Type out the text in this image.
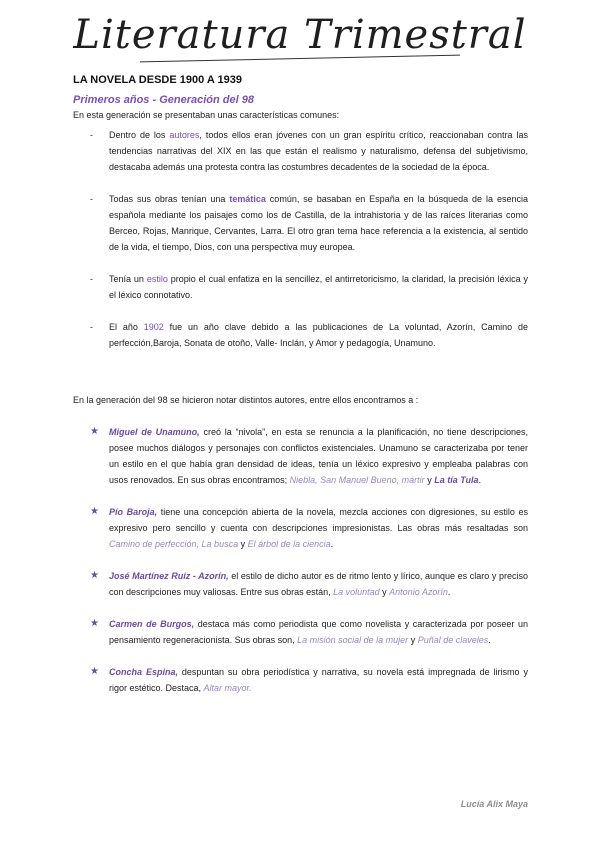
Literatura Trimestral
LA NOVELA DESDE 1900 A 1939
Primeros años - Generación del 98
En esta generación se presentaban unas características comunes:
- Dentro de los autores, todos ellos eran jóvenes con un gran espíritu crítico, reaccionaban contra las tendencias narrativas del XIX en las que están el realismo y naturalismo, defensa del subjetivismo, destacaba además una protesta contra las costumbres decadentes de la sociedad de la época.
- Todas sus obras tenían una temática común, se basaban en España en la búsqueda de la esencia española mediante los paisajes como los de Castilla, de la intrahistoria y de las raíces literarias como Berceo, Rojas, Manrique, Cervantes, Larra. El otro gran tema hace referencia a la existencia, al sentido de la vida, el tiempo, Dios, con una perspectiva muy europea.
- Tenía un estilo propio el cual enfatiza en la sencillez, el antirretoricismo, la claridad, la precisión léxica y el léxico connotativo.
- El año 1902 fue un año clave debido a las publicaciones de La voluntad, Azorín, Camino de perfección,Baroja, Sonata de otoño, Valle- Inclán, y Amor y pedagogía, Unamuno.
En la generación del 98 se hicieron notar distintos autores, entre ellos encontramos a :
★ Miguel de Unamuno, creó la “nivola”, en esta se renuncia a la planificación, no tiene descripciones, posee muchos diálogos y personajes con conflictos existenciales. Unamuno se caracterizaba por tener un estilo en el que había gran densidad de ideas, tenía un léxico expresivo y empleaba palabras con usos renovados. En sus obras encontramos; Niebla, San Manuel Bueno, mártir y La tía Tula.
★ Pío Baroja, tiene una concepción abierta de la novela, mezcla acciones con digresiones, su estilo es expresivo pero sencillo y cuenta con descripciones impresionistas. Las obras más resaltadas son Camino de perfección, La busca y El árbol de la ciencia.
★ José Martínez Ruiz - Azorín, el estilo de dicho autor es de ritmo lento y lírico, aunque es claro y preciso con descripciones muy valiosas. Entre sus obras están, La voluntad y Antonio Azorín.
★ Carmen de Burgos, destaca más como periodista que como novelista y caracterizada por poseer un pensamiento regeneracionista. Sus obras son, La misión social de la mujer y Puñal de claveles.
★ Concha Espina, despuntan su obra periodística y narrativa, su novela está impregnada de lirismo y rigor estético. Destaca, Altar mayor.
Lucía Alix Maya
